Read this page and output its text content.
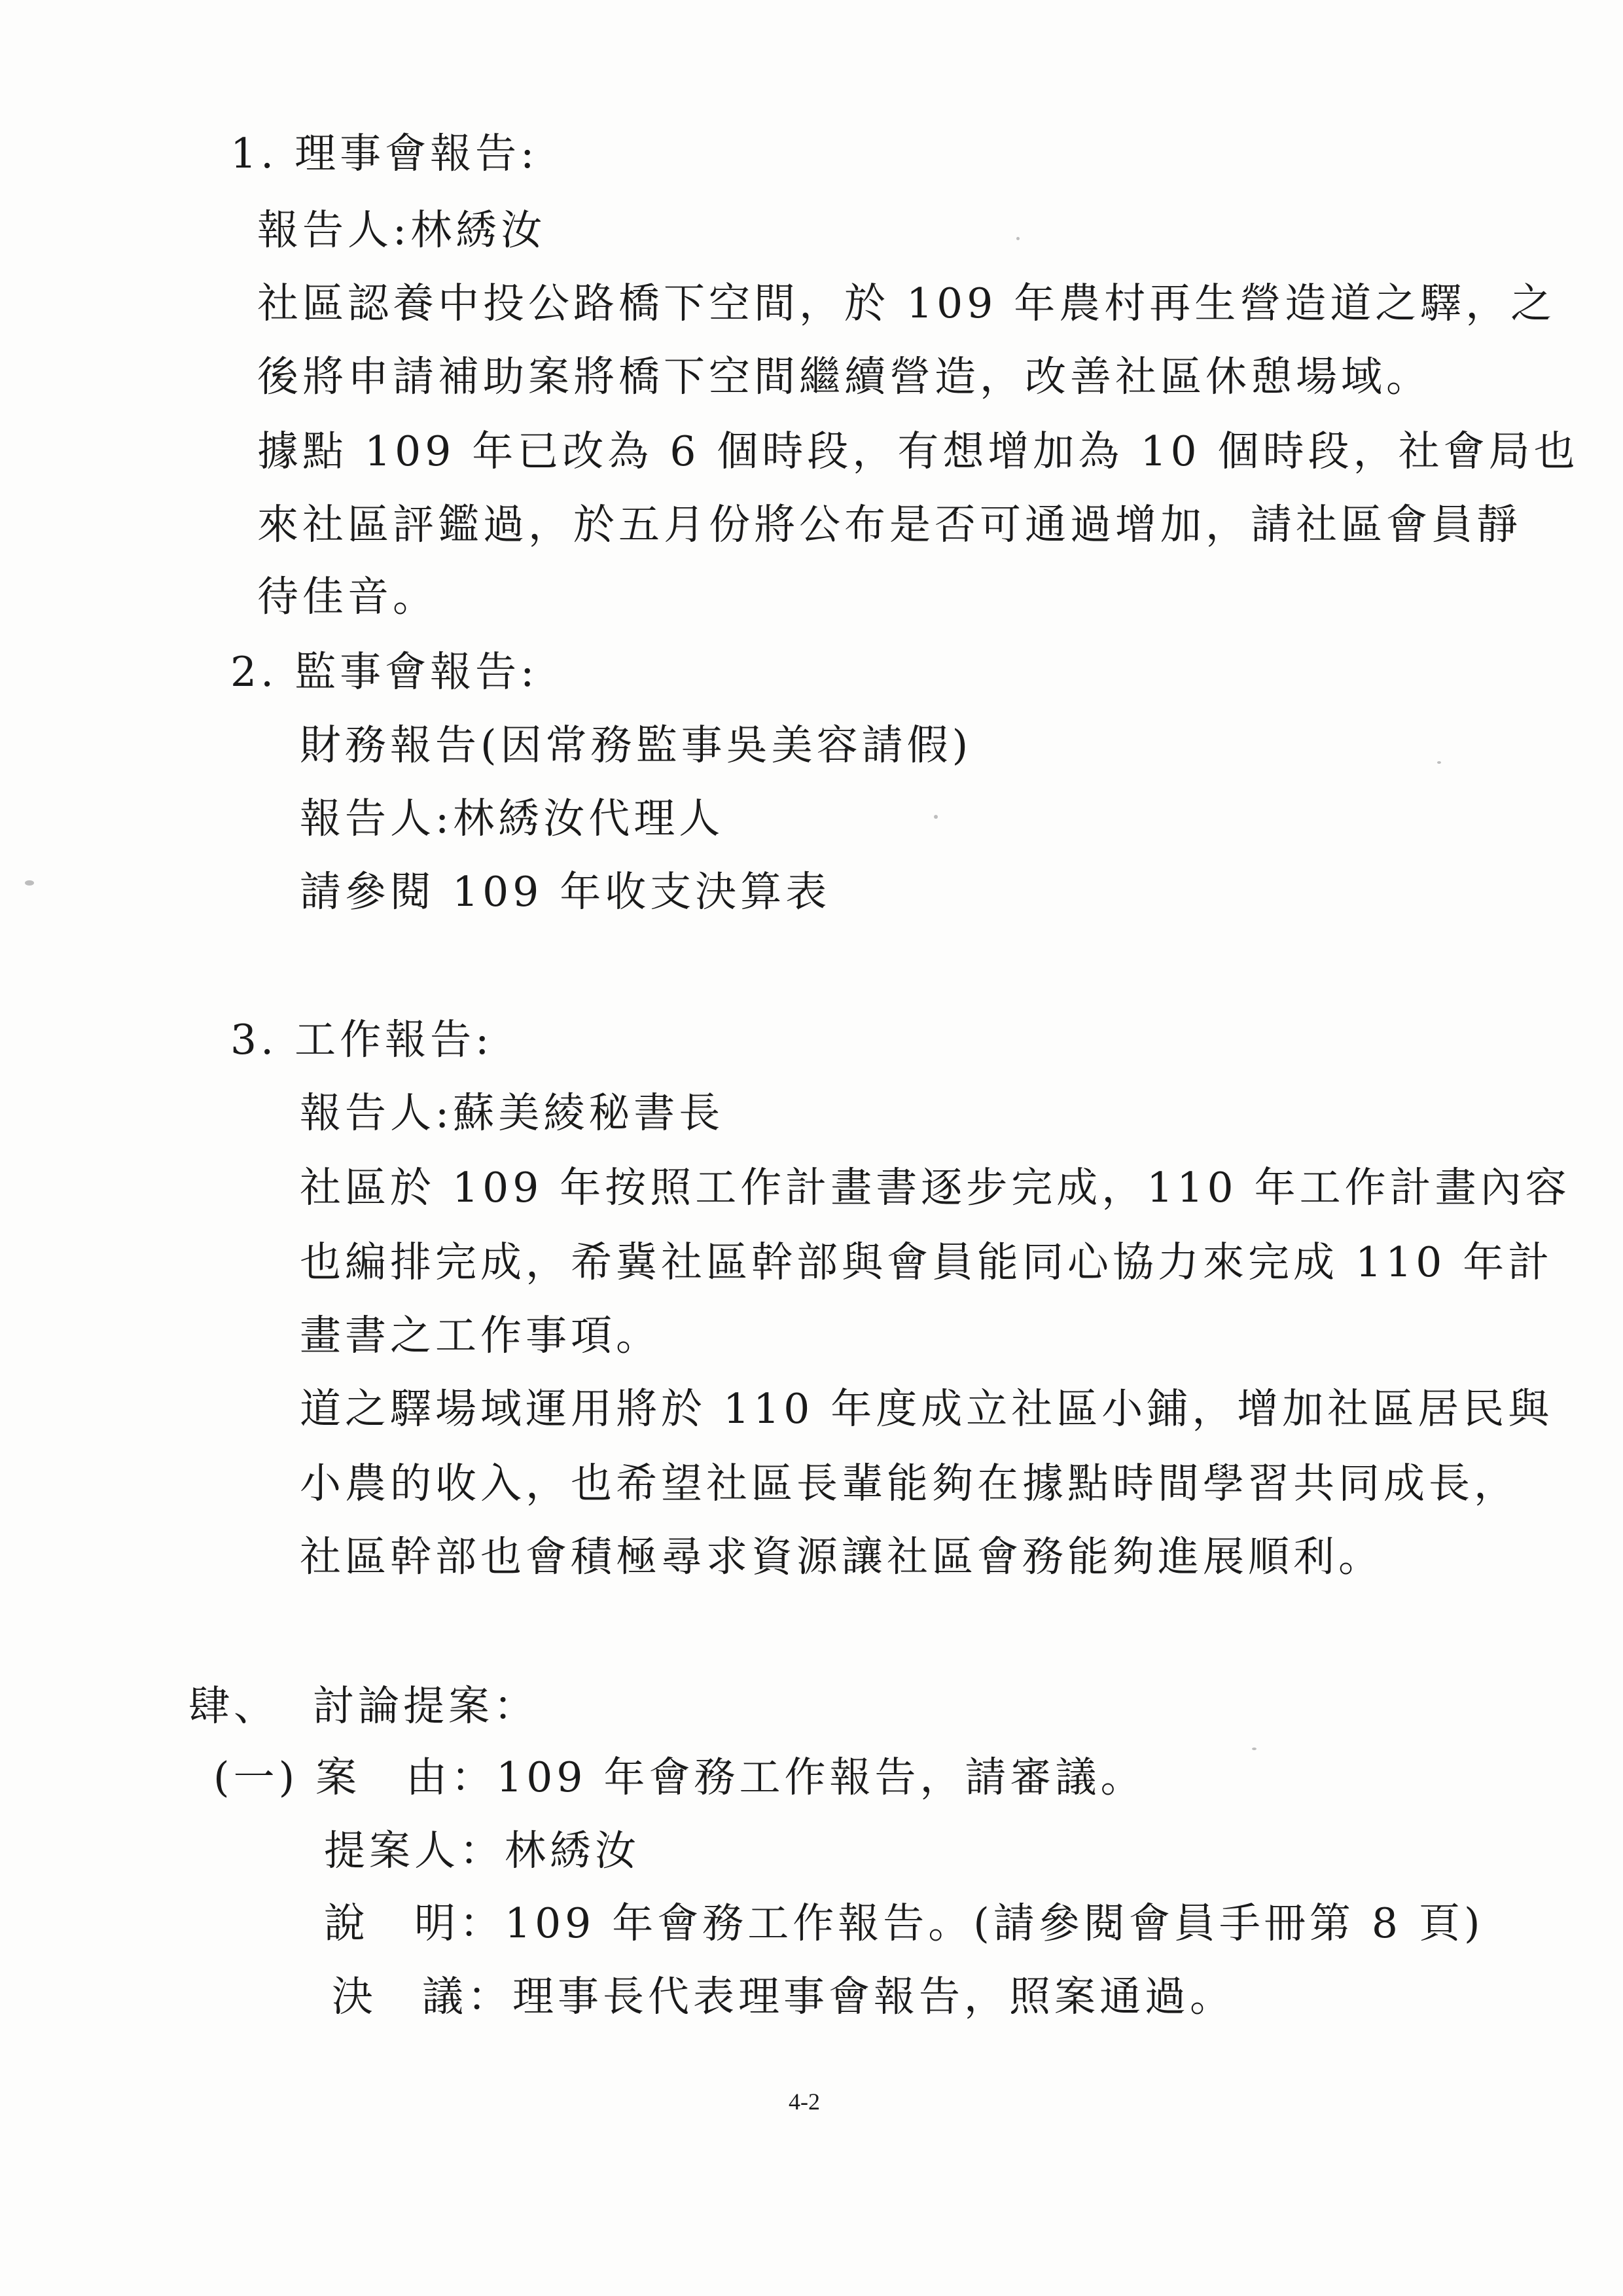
1. 理事會報告:
報告人:林綉汝
社區認養中投公路橋下空間，於 109 年農村再生營造道之驛，之
後將申請補助案將橋下空間繼續營造，改善社區休憩場域。
據點 109 年已改為 6 個時段，有想增加為 10 個時段，社會局也
來社區評鑑過，於五月份將公布是否可通過增加，請社區會員靜
待佳音。
2. 監事會報告:
財務報告(因常務監事吳美容請假)
報告人:林綉汝代理人
請參閱 109 年收支決算表
3. 工作報告:
報告人:蘇美綾秘書長
社區於 109 年按照工作計畫書逐步完成，110 年工作計畫內容
也編排完成，希冀社區幹部與會員能同心協力來完成 110 年計
畫書之工作事項。
道之驛場域運用將於 110 年度成立社區小鋪，增加社區居民與
小農的收入，也希望社區長輩能夠在據點時間學習共同成長，
社區幹部也會積極尋求資源讓社區會務能夠進展順利。
肆、  討論提案：
(一) 案　由：109 年會務工作報告，請審議。
提案人：林綉汝
說　明：109 年會務工作報告。(請參閱會員手冊第 8 頁)
決　議：理事長代表理事會報告，照案通過。
4-2
